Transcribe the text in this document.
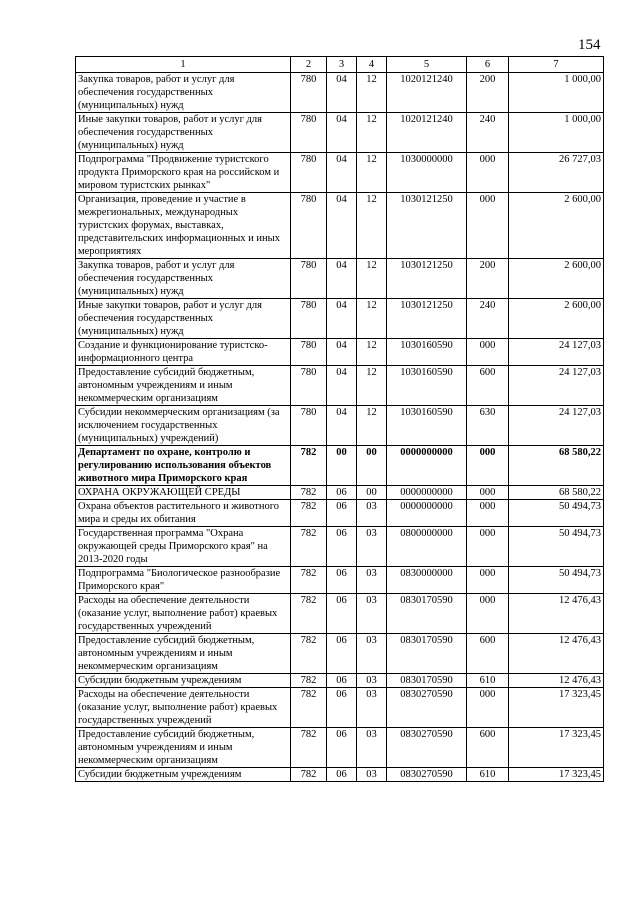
154
1	2	3	4	5	6	7
Закупка товаров, работ и услуг для обеспечения государственных (муниципальных) нужд	780	04	12	1020121240	200	1 000,00
Иные закупки товаров, работ и услуг для обеспечения государственных (муниципальных) нужд	780	04	12	1020121240	240	1 000,00
Подпрограмма "Продвижение туристского продукта Приморского края на российском и мировом туристских рынках"	780	04	12	1030000000	000	26 727,03
Организация, проведение и участие в межрегиональных, международных туристских форумах, выставках, представительских информационных и иных мероприятиях	780	04	12	1030121250	000	2 600,00
Закупка товаров, работ и услуг для обеспечения государственных (муниципальных) нужд	780	04	12	1030121250	200	2 600,00
Иные закупки товаров, работ и услуг для обеспечения государственных (муниципальных) нужд	780	04	12	1030121250	240	2 600,00
Создание и функционирование туристско-информационного центра	780	04	12	1030160590	000	24 127,03
Предоставление субсидий бюджетным, автономным учреждениям и иным некоммерческим организациям	780	04	12	1030160590	600	24 127,03
Субсидии некоммерческим организациям (за исключением государственных (муниципальных) учреждений)	780	04	12	1030160590	630	24 127,03
Департамент по охране, контролю и регулированию использования объектов животного мира Приморского края	782	00	00	0000000000	000	68 580,22
ОХРАНА ОКРУЖАЮЩЕЙ СРЕДЫ	782	06	00	0000000000	000	68 580,22
Охрана объектов растительного и животного мира и среды их обитания	782	06	03	0000000000	000	50 494,73
Государственная программа "Охрана окружающей среды Приморского края" на 2013-2020 годы	782	06	03	0800000000	000	50 494,73
Подпрограмма "Биологическое разнообразие Приморского края"	782	06	03	0830000000	000	50 494,73
Расходы на обеспечение деятельности (оказание услуг, выполнение работ) краевых государственных учреждений	782	06	03	0830170590	000	12 476,43
Предоставление субсидий бюджетным, автономным учреждениям и иным некоммерческим организациям	782	06	03	0830170590	600	12 476,43
Субсидии бюджетным учреждениям	782	06	03	0830170590	610	12 476,43
Расходы на обеспечение деятельности (оказание услуг, выполнение работ) краевых государственных учреждений	782	06	03	0830270590	000	17 323,45
Предоставление субсидий бюджетным, автономным учреждениям и иным некоммерческим организациям	782	06	03	0830270590	600	17 323,45
Субсидии бюджетным учреждениям	782	06	03	0830270590	610	17 323,45
